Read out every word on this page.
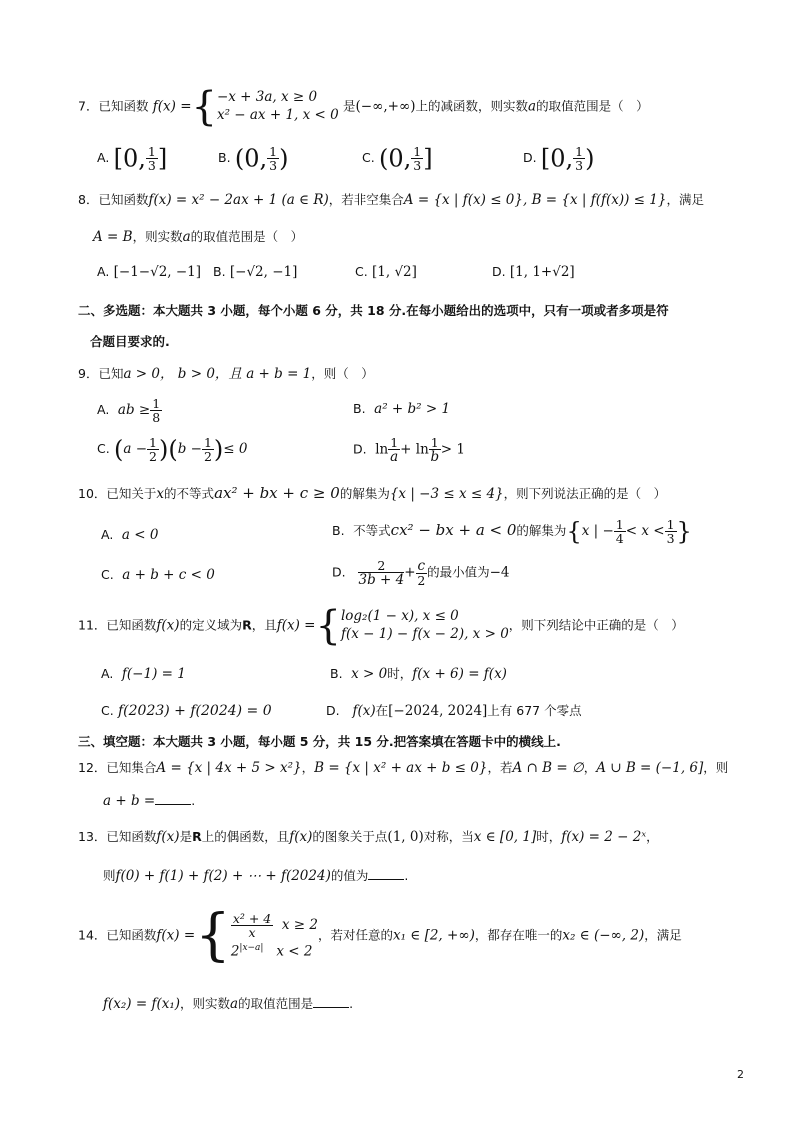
7．已知函数 f(x) ={ −x + 3a, x ≥ 0
x² − ax + 1, x < 0
是(−∞,+∞)上的减函数，则实数a的取值范围是（　）
A. [0, $\frac{1}{3}$ ]	B. (0, $\frac{1}{3}$ )	C. (0, $\frac{1}{3}$ ]	D. [0, $\frac{1}{3}$ )
8．已知函数f(x) = x² − 2ax + 1 (a ∈ R)，若非空集合A = {x | f(x) ≤ 0}, B = {x | f(f(x)) ≤ 1}，满足
A = B，则实数a的取值范围是（　）
A. [−1−√2, −1] B. [−√2, −1]	C. [1, √2]	D. [1, 1+√2]
二、多选题：本大题共 3 小题，每个小题 6 分，共 18 分.在每小题给出的选项中，只有一项或者多项是符
合题目要求的.
9．已知a > 0， b > 0，且 a + b = 1，则（　）
A. ab ≥ $\frac{1}{8}$	B. a² + b² > 1
C. $(a - \frac{1}{2} )(b - \frac{1}{2}$ )≤ 0	D. $\ln \frac{1}{a} + \ln \frac{1}{b} > 1$
10．已知关于x的不等式ax² + bx + c ≥ 0的解集为{x | −3 ≤ x ≤ 4}，则下列说法正确的是（　）
A. a < 0	B. 不等式cx² − bx + a < 0的解集为{x | − $\frac{1}{4} < x < \frac{1}{3}$ }
C. a + b + c < 0	D. $\frac{2}{3b + 4} + \frac{c}{2}$ 的最小值为−4
11．已知函数f(x)的定义域为R，且f(x) ={ log₂(1 − x), x ≤ 0
f(x − 1) − f(x − 2), x > 0
，则下列结论中正确的是（　）
A. f(−1) = 1	B. x > 0时，f(x + 6) = f(x)
C. f(2023) + f(2024) = 0	D. f(x)在[−2024, 2024]上有 677 个零点
三、填空题：本大题共 3 小题，每小题 5 分，共 15 分.把答案填在答题卡中的横线上.
12．已知集合A = {x | 4x + 5 > x²}，B = {x | x² + ax + b ≤ 0}，若A ∩ B = ∅，A ∪ B = (−1, 6]，则
a + b =	.
13．已知函数f(x)是R上的偶函数，且f(x)的图象关于点(1, 0)对称，当x ∈ [0, 1]时，f(x) = 2 − 2ˣ，
则f(0) + f(1) + f(2) + ⋯ + f(2024)的值为	.
14．已知函数f(x) ={ $\frac{\text{x² + 4}}{x}$ x ≥ 2
$2^{|x-a|}$ x < 2
，若对任意的x₁ ∈ [2, +∞)，都存在唯一的x₂ ∈ (−∞, 2)，满足
f(x₂) = f(x₁)，则实数a的取值范围是	.
2
